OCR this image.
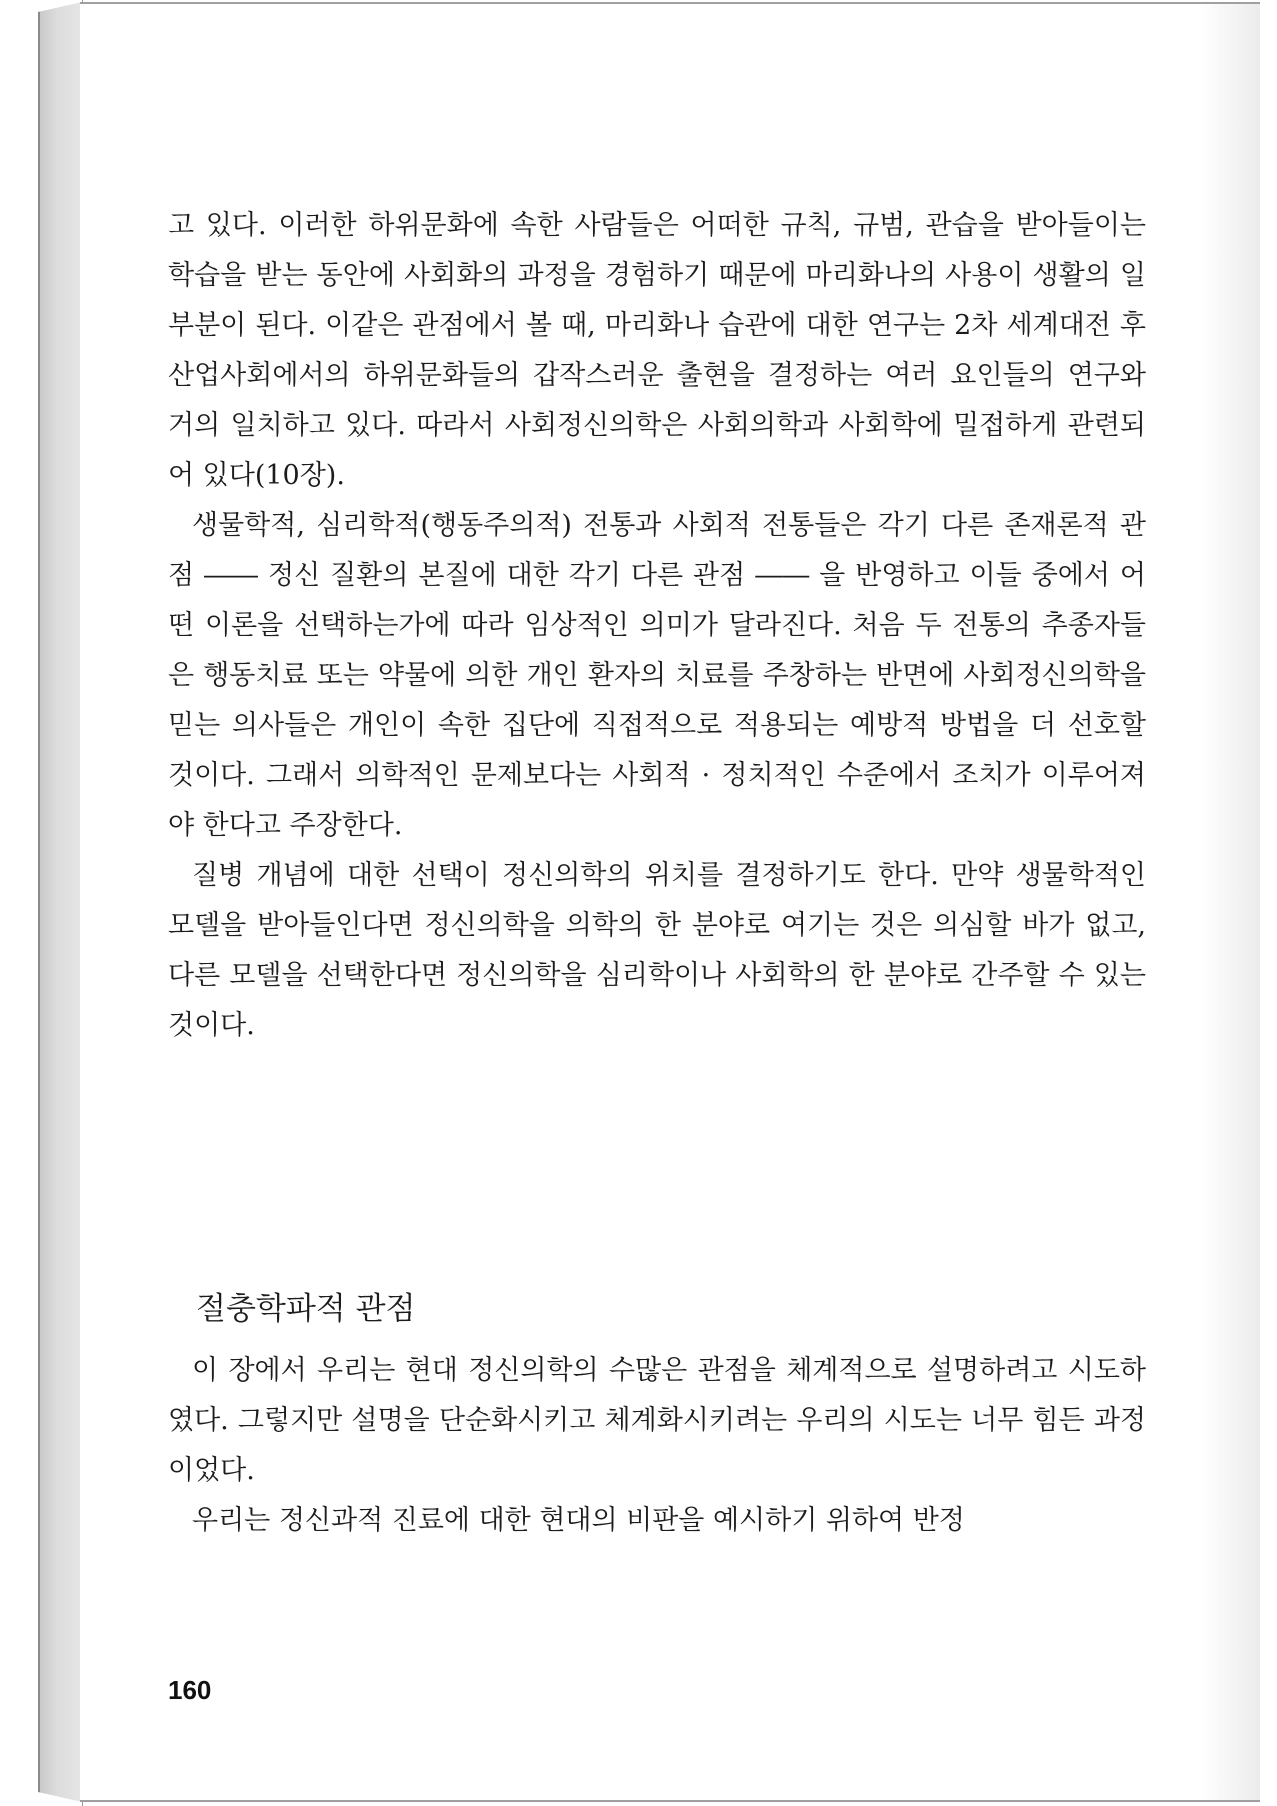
고 있다. 이러한 하위문화에 속한 사람들은 어떠한 규칙, 규범, 관습을 받아들이는 학습을 받는 동안에 사회화의 과정을 경험하기 때문에 마리화나의 사용이 생활의 일부분이 된다. 이같은 관점에서 볼 때, 마리화나 습관에 대한 연구는 2차 세계대전 후 산업사회에서의 하위문화들의 갑작스러운 출현을 결정하는 여러 요인들의 연구와 거의 일치하고 있다. 따라서 사회정신의학은 사회의학과 사회학에 밀접하게 관련되어 있다(10장).

생물학적, 심리학적(행동주의적) 전통과 사회적 전통들은 각기 다른 존재론적 관점 ―― 정신 질환의 본질에 대한 각기 다른 관점 ―― 을 반영하고 이들 중에서 어떤 이론을 선택하는가에 따라 임상적인 의미가 달라진다. 처음 두 전통의 추종자들은 행동치료 또는 약물에 의한 개인 환자의 치료를 주창하는 반면에 사회정신의학을 믿는 의사들은 개인이 속한 집단에 직접적으로 적용되는 예방적 방법을 더 선호할 것이다. 그래서 의학적인 문제보다는 사회적 · 정치적인 수준에서 조치가 이루어져야 한다고 주장한다.

질병 개념에 대한 선택이 정신의학의 위치를 결정하기도 한다. 만약 생물학적인 모델을 받아들인다면 정신의학을 의학의 한 분야로 여기는 것은 의심할 바가 없고, 다른 모델을 선택한다면 정신의학을 심리학이나 사회학의 한 분야로 간주할 수 있는 것이다.

절충학파적 관점

이 장에서 우리는 현대 정신의학의 수많은 관점을 체계적으로 설명하려고 시도하였다. 그렇지만 설명을 단순화시키고 체계화시키려는 우리의 시도는 너무 힘든 과정이었다.

우리는 정신과적 진료에 대한 현대의 비판을 예시하기 위하여 반정

160
